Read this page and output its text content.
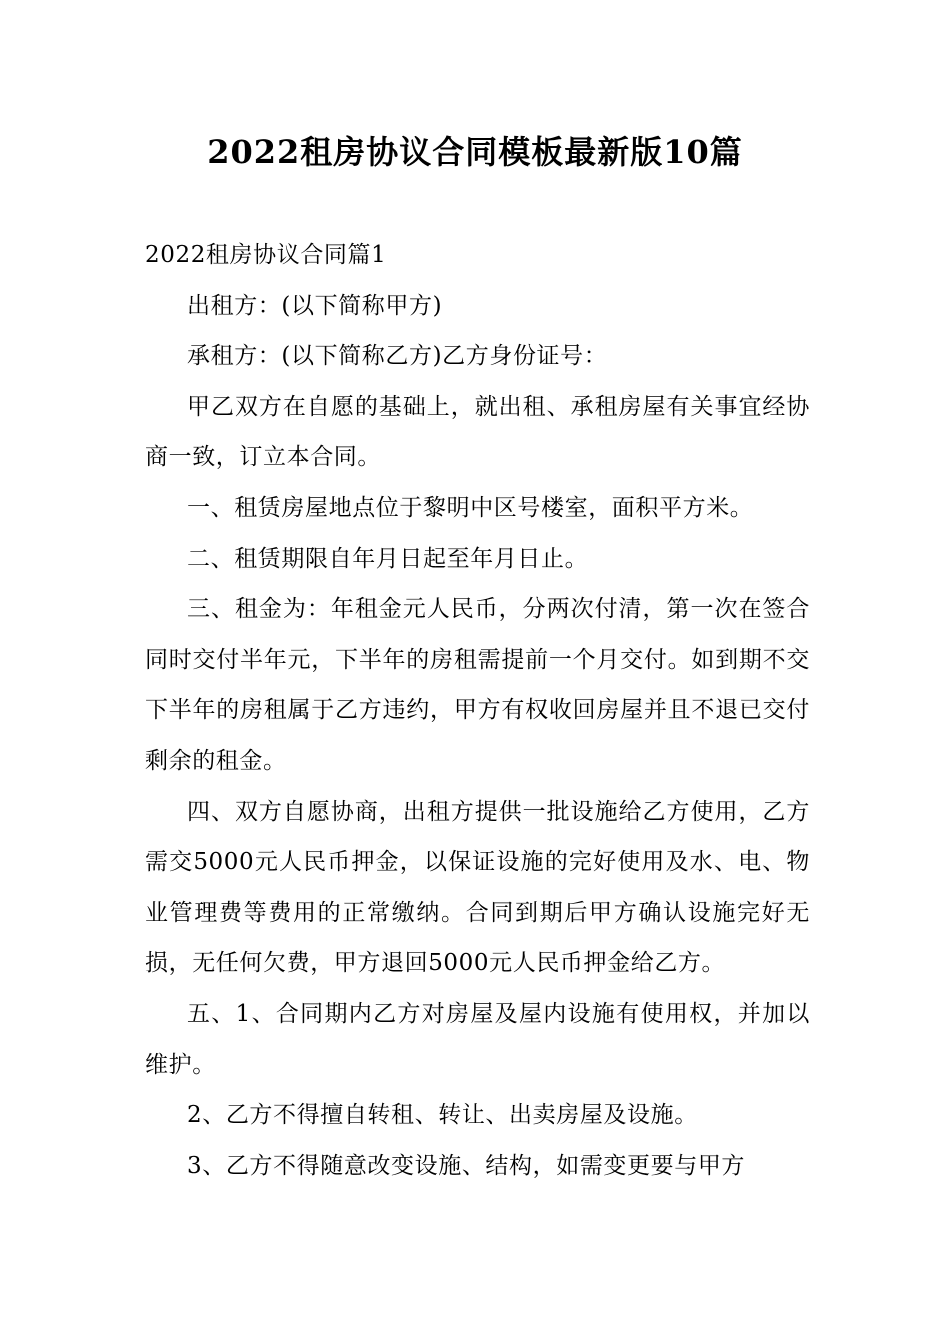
2022租房协议合同模板最新版10篇

2022租房协议合同篇1

出租方：(以下简称甲方)

承租方：(以下简称乙方)乙方身份证号：

甲乙双方在自愿的基础上，就出租、承租房屋有关事宜经协商一致，订立本合同。

一、租赁房屋地点位于黎明中区号楼室，面积平方米。

二、租赁期限自年月日起至年月日止。

三、租金为：年租金元人民币，分两次付清，第一次在签合同时交付半年元，下半年的房租需提前一个月交付。如到期不交下半年的房租属于乙方违约，甲方有权收回房屋并且不退已交付剩余的租金。

四、双方自愿协商，出租方提供一批设施给乙方使用，乙方需交5000元人民币押金，以保证设施的完好使用及水、电、物业管理费等费用的正常缴纳。合同到期后甲方确认设施完好无损，无任何欠费，甲方退回5000元人民币押金给乙方。

五、1、合同期内乙方对房屋及屋内设施有使用权，并加以维护。

2、乙方不得擅自转租、转让、出卖房屋及设施。

3、乙方不得随意改变设施、结构，如需变更要与甲方
